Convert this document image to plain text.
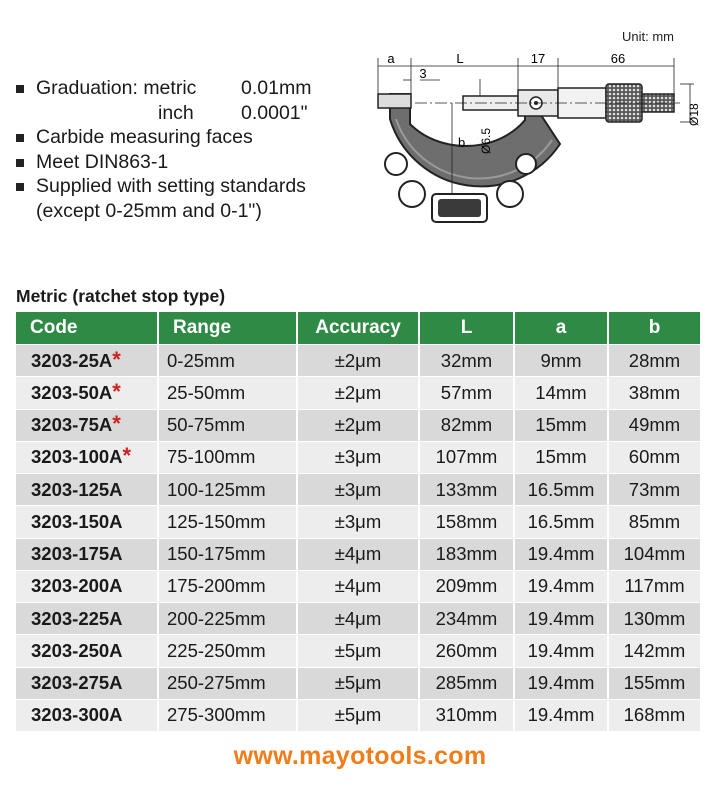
Unit: mm
Graduation: metric	0.01mm
inch	0.0001"
Carbide measuring faces
Meet DIN863-1
Supplied with setting standards
(except 0-25mm and 0-1")
a	L	17	66
3
b Ø6.5
Ø18
Metric (ratchet stop type)
Code	Range	Accuracy	L	a	b
3203-25A*	0-25mm	±2μm	32mm	9mm	28mm
3203-50A*	25-50mm	±2μm	57mm	14mm	38mm
3203-75A*	50-75mm	±2μm	82mm	15mm	49mm
3203-100A*	75-100mm	±3μm	107mm	15mm	60mm
3203-125A	100-125mm	±3μm	133mm	16.5mm	73mm
3203-150A	125-150mm	±3μm	158mm	16.5mm	85mm
3203-175A	150-175mm	±4μm	183mm	19.4mm	104mm
3203-200A	175-200mm	±4μm	209mm	19.4mm	117mm
3203-225A	200-225mm	±4μm	234mm	19.4mm	130mm
3203-250A	225-250mm	±5μm	260mm	19.4mm	142mm
3203-275A	250-275mm	±5μm	285mm	19.4mm	155mm
3203-300A	275-300mm	±5μm	310mm	19.4mm	168mm
www.mayotools.com
